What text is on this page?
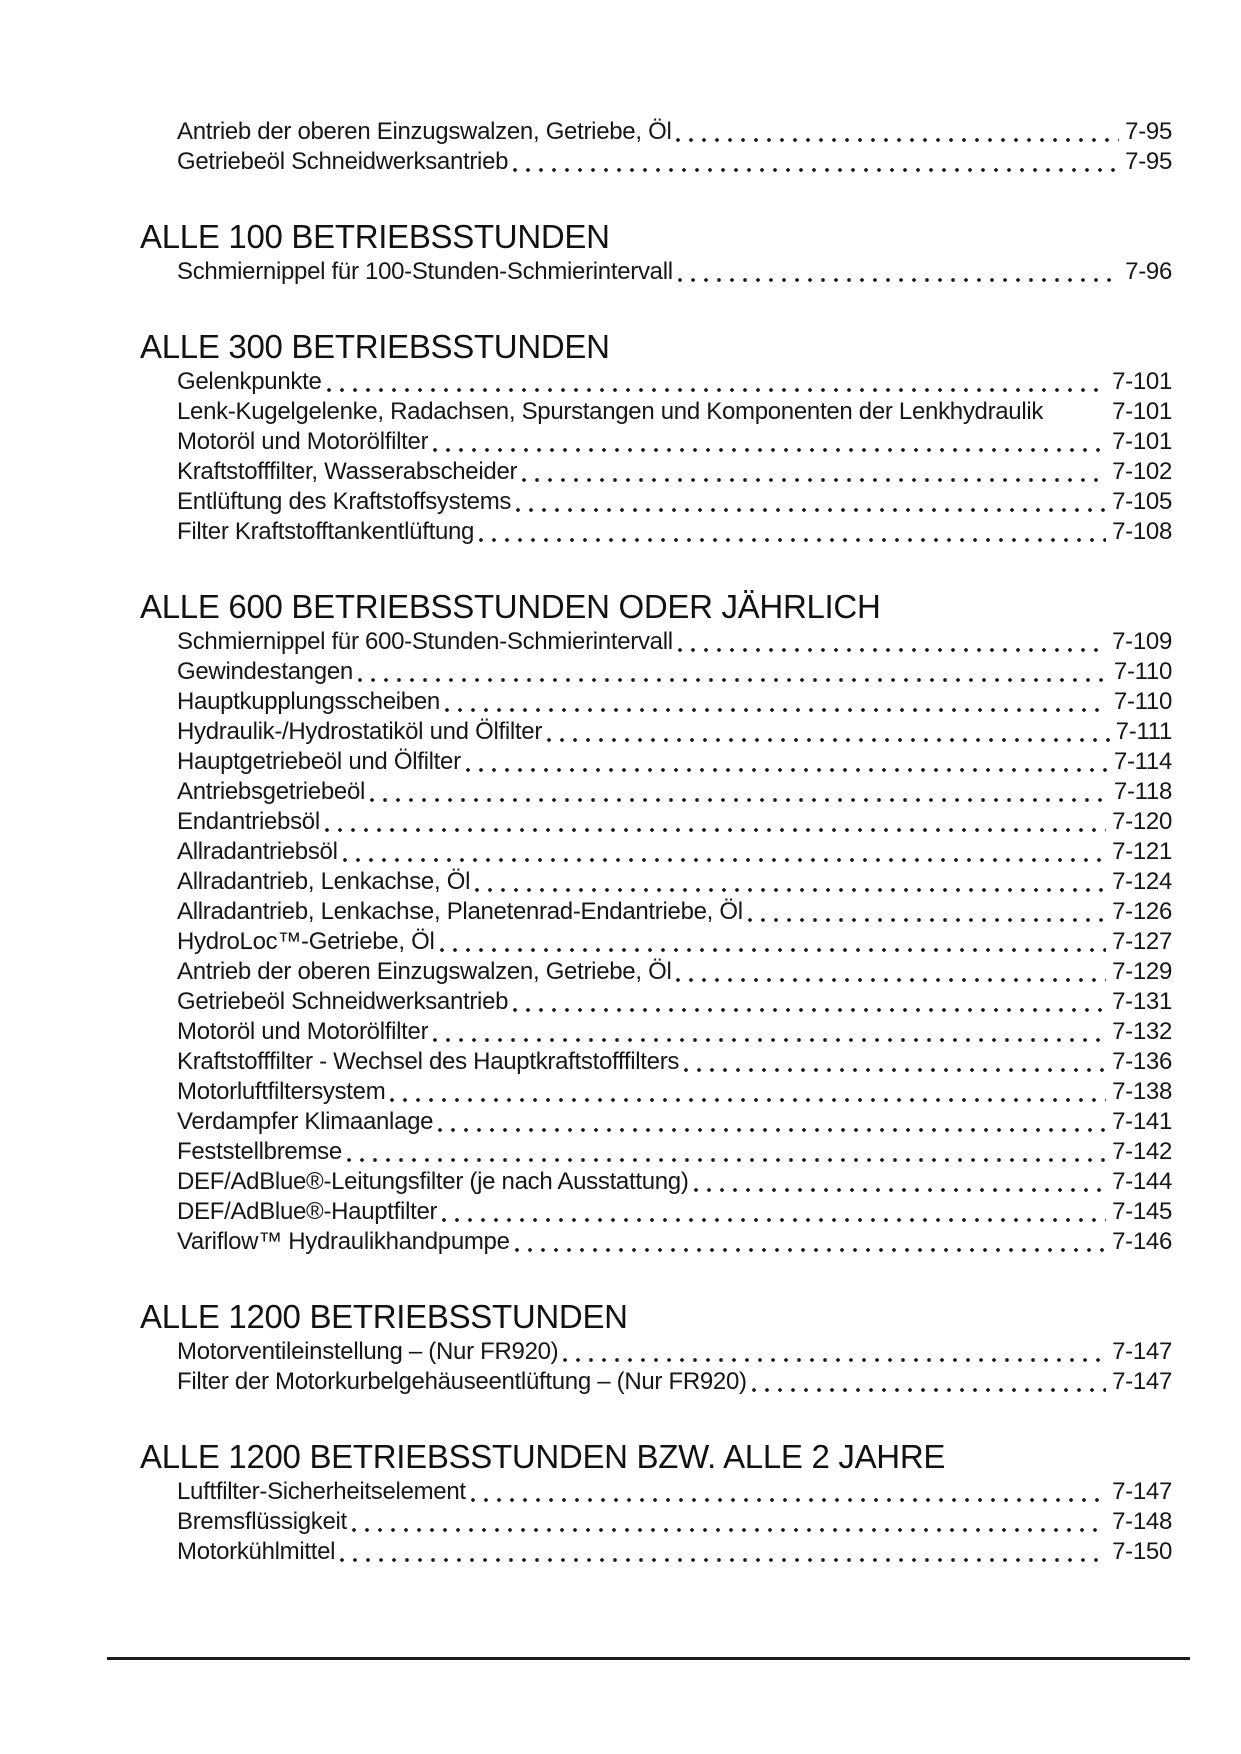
Antrieb der oberen Einzugswalzen, Getriebe, Öl	7-95
Getriebeöl Schneidwerksantrieb	7-95
ALLE 100 BETRIEBSSTUNDEN
Schmiernippel für 100-Stunden-Schmierintervall	7-96
ALLE 300 BETRIEBSSTUNDEN
Gelenkpunkte	7-101
Lenk-Kugelgelenke, Radachsen, Spurstangen und Komponenten der Lenkhydraulik	7-101
Motoröl und Motorölfilter	7-101
Kraftstofffilter, Wasserabscheider	7-102
Entlüftung des Kraftstoffsystems	7-105
Filter Kraftstofftankentlüftung	7-108
ALLE 600 BETRIEBSSTUNDEN ODER JÄHRLICH
Schmiernippel für 600-Stunden-Schmierintervall	7-109
Gewindestangen	7-110
Hauptkupplungsscheiben	7-110
Hydraulik-/Hydrostatiköl und Ölfilter	7-111
Hauptgetriebeöl und Ölfilter	7-114
Antriebsgetriebeöl	7-118
Endantriebsöl	7-120
Allradantriebsöl	7-121
Allradantrieb, Lenkachse, Öl	7-124
Allradantrieb, Lenkachse, Planetenrad-Endantriebe, Öl	7-126
HydroLoc™-Getriebe, Öl	7-127
Antrieb der oberen Einzugswalzen, Getriebe, Öl	7-129
Getriebeöl Schneidwerksantrieb	7-131
Motoröl und Motorölfilter	7-132
Kraftstofffilter - Wechsel des Hauptkraftstofffilters	7-136
Motorluftfiltersystem	7-138
Verdampfer Klimaanlage	7-141
Feststellbremse	7-142
DEF/AdBlue®-Leitungsfilter (je nach Ausstattung)	7-144
DEF/AdBlue®-Hauptfilter	7-145
Variflow™ Hydraulikhandpumpe	7-146
ALLE 1200 BETRIEBSSTUNDEN
Motorventileinstellung – (Nur FR920)	7-147
Filter der Motorkurbelgehäuseentlüftung – (Nur FR920)	7-147
ALLE 1200 BETRIEBSSTUNDEN BZW. ALLE 2 JAHRE
Luftfilter-Sicherheitselement	7-147
Bremsflüssigkeit	7-148
Motorkühlmittel	7-150
